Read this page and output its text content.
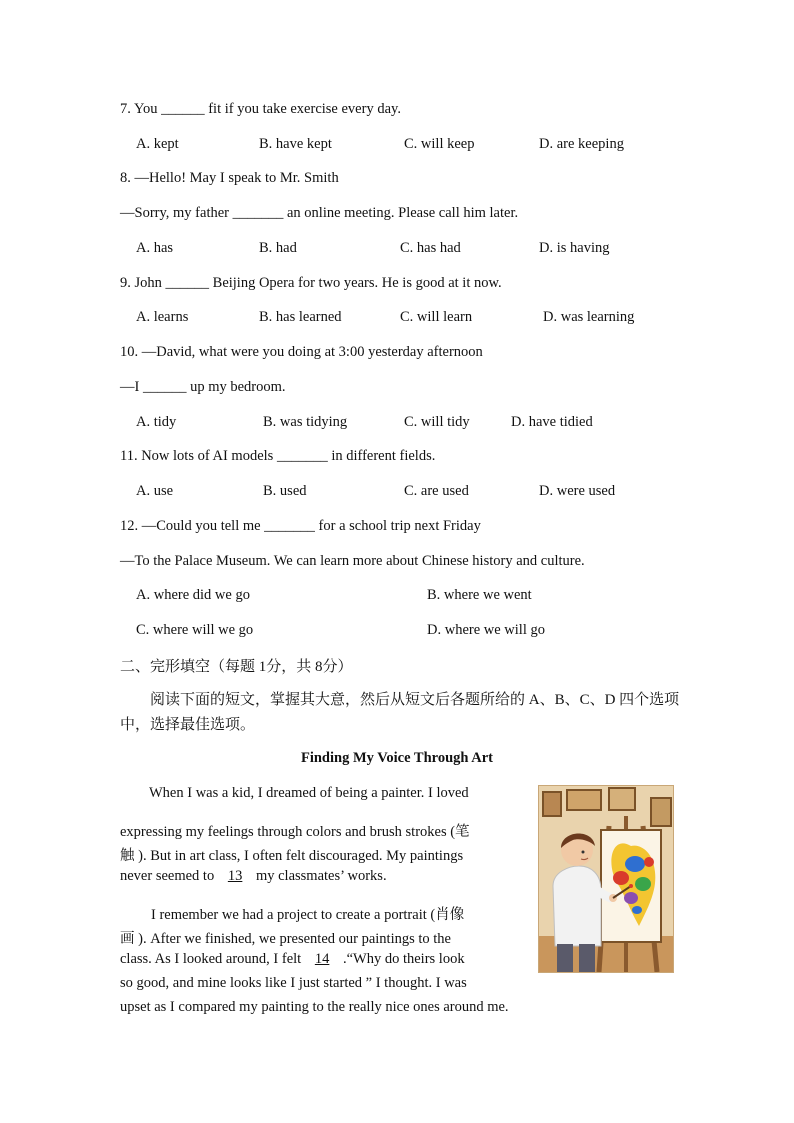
7. You ______ fit if you take exercise every day.
A. kept	B. have kept	C. will keep	D. are keeping
8. —Hello! May I speak to Mr. Smith
—Sorry, my father _______ an online meeting. Please call him later.
A. has	B. had	C. has had	D. is having
9. John ______ Beijing Opera for two years. He is good at it now.
A. learns	B. has learned	C. will learn	D. was learning
10. —David, what were you doing at 3:00 yesterday afternoon
—I ______ up my bedroom.
A. tidy	B. was tidying	C. will tidy	D. have tidied
11. Now lots of AI models _______ in different fields.
A. use	B. used	C. are used	D. were used
12. —Could you tell me _______ for a school trip next Friday
—To the Palace Museum. We can learn more about Chinese history and culture.
A. where did we go	B. where we went
C. where will we go	D. where we will go
二、完形填空（每题 1分，共 8分）
阅读下面的短文，掌握其大意，然后从短文后各题所给的 A、B、C、D 四个选项中，选择最佳选项。
Finding My Voice Through Art
When I was a kid, I dreamed of being a painter. I loved
expressing my feelings through colors and brush strokes (笔
触 ). But in art class, I often felt discouraged. My paintings
never seemed to 13 my classmates’ works.
I remember we had a project to create a portrait (肖像
画 ). After we finished, we presented our paintings to the
class. As I looked around, I felt 14 .“Why do theirs look
so good, and mine looks like I just started ” I thought. I was
upset as I compared my painting to the really nice ones around me.
